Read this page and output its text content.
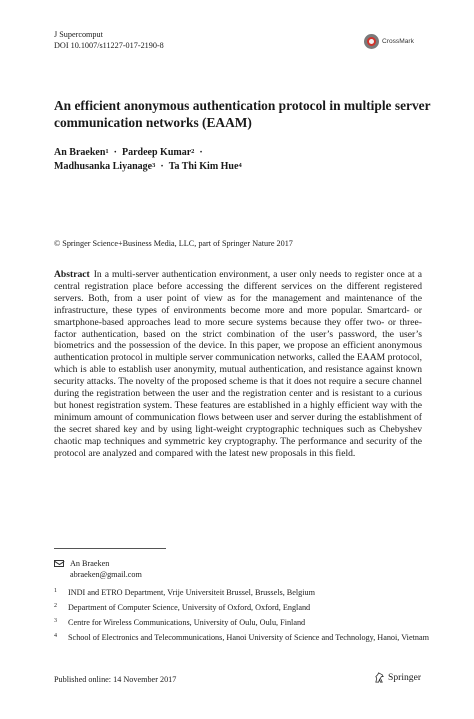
J Supercomput
DOI 10.1007/s11227-017-2190-8	CrossMark
An efficient anonymous authentication protocol in multiple server communication networks (EAAM)
An Braeken$^1$ · Pardeep Kumar$^2$ ·
Madhusanka Liyanage$^3$ · Ta Thi Kim Hue$^4$
© Springer Science+Business Media, LLC, part of Springer Nature 2017
Abstract In a multi-server authentication environment, a user only needs to register once at a central registration place before accessing the different services on the different registered servers. Both, from a user point of view as for the management and maintenance of the infrastructure, these types of environments become more and more popular. Smartcard- or smartphone-based approaches lead to more secure systems because they offer two- or three-factor authentication, based on the strict combination of the user’s password, the user’s biometrics and the possession of the device. In this paper, we propose an efficient anonymous authentication protocol in multiple server communication networks, called the EAAM protocol, which is able to establish user anonymity, mutual authentication, and resistance against known security attacks. The novelty of the proposed scheme is that it does not require a secure channel during the registration between the user and the registration center and is resistant to a curious but honest registration system. These features are established in a highly efficient way with the minimum amount of communication flows between user and server during the establishment of the secret shared key and by using light-weight cryptographic techniques such as Chebyshev chaotic map techniques and symmetric key cryptography. The performance and security of the protocol are analyzed and compared with the latest new proposals in this field.
An Braeken
abraeken@gmail.com
1	INDI and ETRO Department, Vrije Universiteit Brussel, Brussels, Belgium
2	Department of Computer Science, University of Oxford, Oxford, England
3	Centre for Wireless Communications, University of Oulu, Oulu, Finland
4	School of Electronics and Telecommunications, Hanoi University of Science and Technology, Hanoi, Vietnam
Published online: 14 November 2017	Springer
